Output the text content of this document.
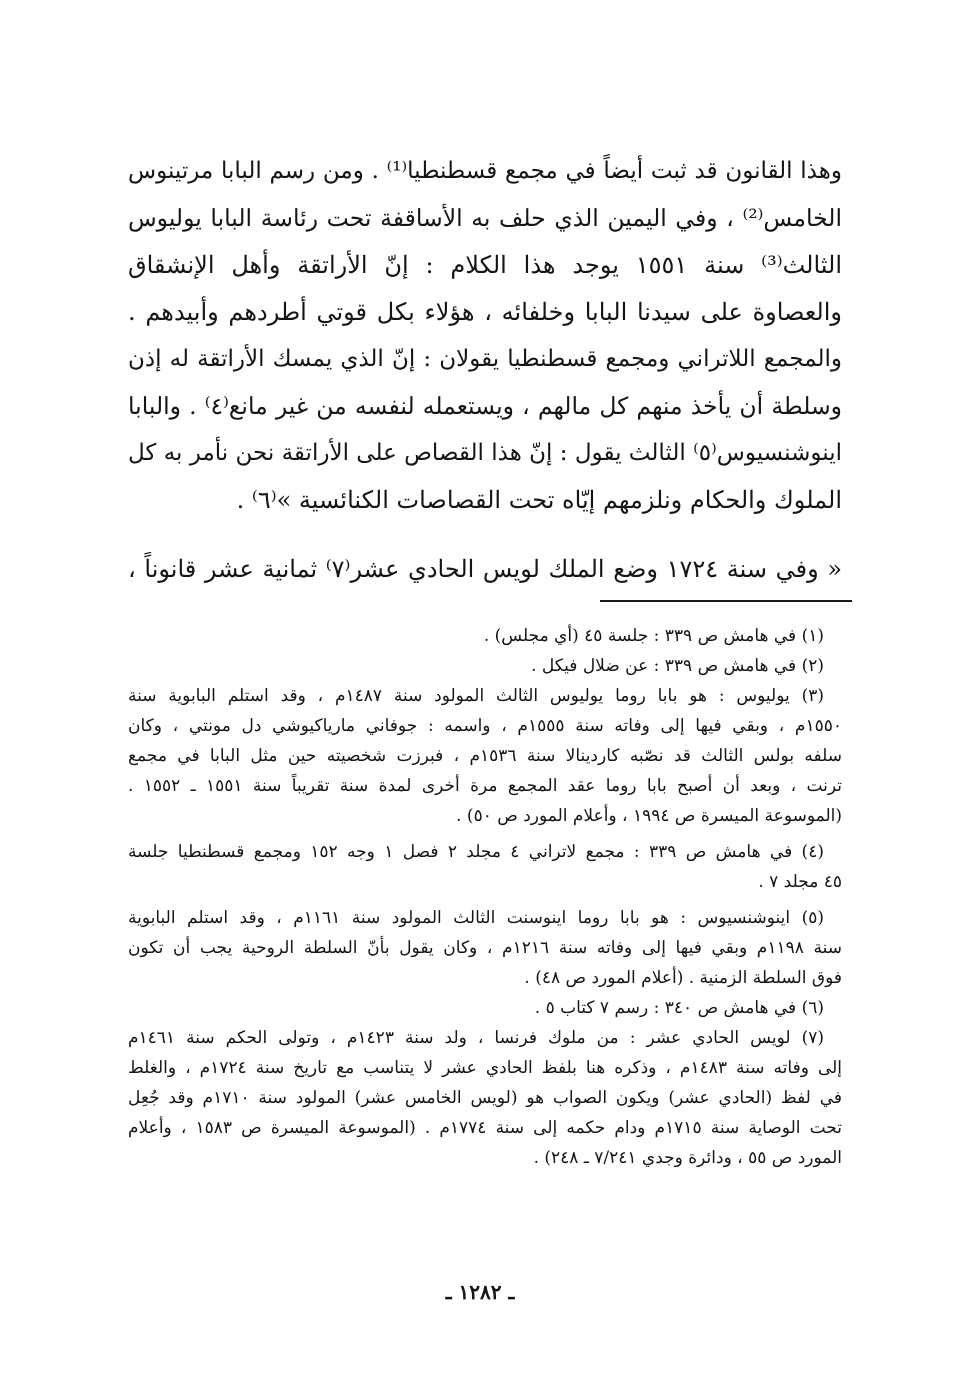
وهذا القانون قد ثبت أيضاً في مجمع قسطنطيا⁽¹⁾ . ومن رسم البابا مرتينوس
الخامس⁽²⁾ ، وفي اليمين الذي حلف به الأساقفة تحت رئاسة البابا يوليوس
الثالث⁽³⁾ سنة ١٥٥١ يوجد هذا الكلام : إنّ الأراتقة وأهل الإنشقاق
والعصاوة على سيدنا البابا وخلفائه ، هؤلاء بكل قوتي أطردهم وأبيدهم .
والمجمع اللاتراني ومجمع قسطنطيا يقولان : إنّ الذي يمسك الأراتقة له إذن
وسلطة أن يأخذ منهم كل مالهم ، ويستعمله لنفسه من غير مانع⁽٤⁾ . والبابا
اينوشنسيوس⁽٥⁾ الثالث يقول : إنّ هذا القصاص على الأراتقة نحن نأمر به كل
الملوك والحكام ونلزمهم إيّاه تحت القصاصات الكنائسية »⁽٦⁾ .
« وفي سنة ١٧٢٤ وضع الملك لويس الحادي عشر⁽٧⁾ ثمانية عشر قانوناً ،
(١) في هامش ص ٣٣٩ : جلسة ٤٥ (أي مجلس) .
(٢) في هامش ص ٣٣٩ : عن ضلال فيكل .
(٣) يوليوس : هو بابا روما يوليوس الثالث المولود سنة ١٤٨٧م ، وقد استلم البابوية سنة
١٥٥٠م ، وبقي فيها إلى وفاته سنة ١٥٥٥م ، واسمه : جوفاني مارياكيوشي دل مونتي ، وكان
سلفه بولس الثالث قد نصّبه كاردينالا سنة ١٥٣٦م ، فبرزت شخصيته حين مثل البابا في مجمع
ترنت ، وبعد أن أصبح بابا روما عقد المجمع مرة أخرى لمدة سنة تقريباً سنة ١٥٥١ ـ ١٥٥٢ .
(الموسوعة الميسرة ص ١٩٩٤ ، وأعلام المورد ص ٥٠) .
(٤) في هامش ص ٣٣٩ : مجمع لاتراني ٤ مجلد ٢ فصل ١ وجه ١٥٢ ومجمع قسطنطيا جلسة
٤٥ مجلد ٧ .
(٥) اينوشنسيوس : هو بابا روما اينوسنت الثالث المولود سنة ١١٦١م ، وقد استلم البابوية
سنة ١١٩٨م وبقي فيها إلى وفاته سنة ١٢١٦م ، وكان يقول بأنّ السلطة الروحية يجب أن تكون
فوق السلطة الزمنية . (أعلام المورد ص ٤٨) .
(٦) في هامش ص ٣٤٠ : رسم ٧ كتاب ٥ .
(٧) لويس الحادي عشر : من ملوك فرنسا ، ولد سنة ١٤٢٣م ، وتولى الحكم سنة ١٤٦١م
إلى وفاته سنة ١٤٨٣م ، وذكره هنا بلفظ الحادي عشر لا يتناسب مع تاريخ سنة ١٧٢٤م ، والغلط
في لفظ (الحادي عشر) ويكون الصواب هو (لويس الخامس عشر) المولود سنة ١٧١٠م وقد جُعِل
تحت الوصاية سنة ١٧١٥م ودام حكمه إلى سنة ١٧٧٤م . (الموسوعة الميسرة ص ١٥٨٣ ، وأعلام
المورد ص ٥٥ ، ودائرة وجدي ٧/٢٤١ ـ ٢٤٨) .
ـ ١٢٨٢ ـ
